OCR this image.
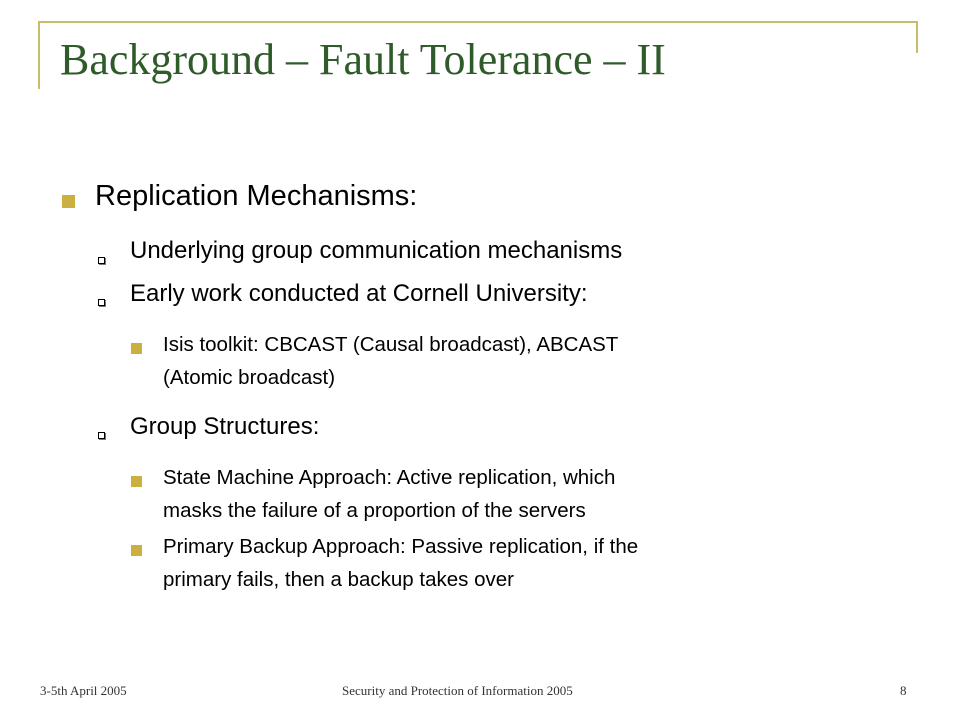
Background – Fault Tolerance – II
Replication Mechanisms:
Underlying group communication mechanisms
Early work conducted at Cornell University:
Isis toolkit: CBCAST (Causal broadcast), ABCAST
(Atomic broadcast)
Group Structures:
State Machine Approach: Active replication, which
masks the failure of a proportion of the servers
Primary Backup Approach: Passive replication, if the
primary fails, then a backup takes over
3-5th April 2005	Security and Protection of Information 2005	8
